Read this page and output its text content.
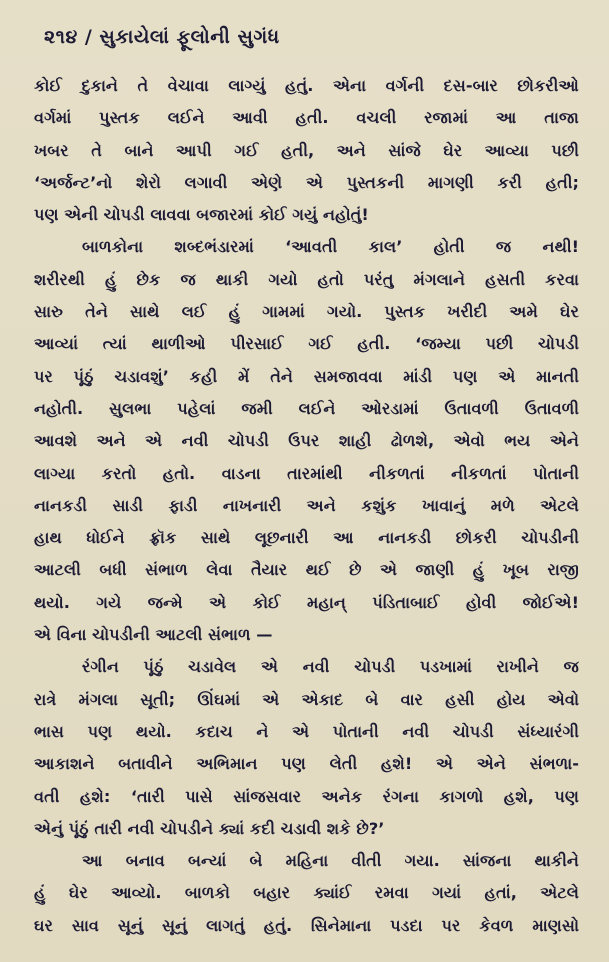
૨૧૪ / સુકાયેલાં ફૂલોની સુગંધ
કોઈ દુકાને તે વેચાવા લાગ્યું હતું. એના વર્ગની દસ-બાર છોકરીઓ
વર્ગમાં પુસ્તક લઈને આવી હતી. વચલી રજામાં આ તાજા
ખબર તે બાને આપી ગઈ હતી, અને સાંજે ઘેર આવ્યા પછી
‘અર્જન્ટ’નો શેરો લગાવી એણે એ પુસ્તકની માગણી કરી હતી;
પણ એની ચોપડી લાવવા બજારમાં કોઈ ગયું નહોતું!
બાળકોના શબ્દભંડારમાં ‘આવતી કાલ’ હોતી જ નથી!
શરીરથી હું છેક જ થાકી ગયો હતો પરંતુ મંગલાને હસતી કરવા
સારુ તેને સાથે લઈ હું ગામમાં ગયો. પુસ્તક ખરીદી અમે ઘેર
આવ્યાં ત્યાં થાળીઓ પીરસાઈ ગઈ હતી. ‘જમ્યા પછી ચોપડી
પર પૂંઠું ચડાવશું’ કહી મેં તેને સમજાવવા માંડી પણ એ માનતી
નહોતી. સુલભા પહેલાં જમી લઈને ઓરડામાં ઉતાવળી ઉતાવળી
આવશે અને એ નવી ચોપડી ઉપર શાહી ઢોળશે, એવો ભય એને
લાગ્યા કરતો હતો. વાડના તારમાંથી નીકળતાં નીકળતાં પોતાની
નાનકડી સાડી ફાડી નાખનારી અને કશુંક ખાવાનું મળે એટલે
હાથ ધોઈને ફ્રૉક સાથે લૂછનારી આ નાનકડી છોકરી ચોપડીની
આટલી બધી સંભાળ લેવા તૈયાર થઈ છે એ જાણી હું ખૂબ રાજી
થયો. ગયે જન્મે એ કોઈ મહાન્ પંડિતાબાઈ હોવી જોઈએ!
એ વિના ચોપડીની આટલી સંભાળ —
રંગીન પૂંઠું ચડાવેલ એ નવી ચોપડી પડખામાં રાખીને જ
રાત્રે મંગલા સૂતી; ઊંઘમાં એ એકાદ બે વાર હસી હોય એવો
ભાસ પણ થયો. કદાચ ને એ પોતાની નવી ચોપડી સંધ્યારંગી
આકાશને બતાવીને અભિમાન પણ લેતી હશે! એ એને સંભળા-
વતી હશે: ‘તારી પાસે સાંજસવાર અનેક રંગના કાગળો હશે, પણ
એનું પૂંઠું તારી નવી ચોપડીને ક્યાં કદી ચડાવી શકે છે?’
આ બનાવ બન્યાં બે મહિના વીતી ગયા. સાંજના થાકીને
હું ઘેર આવ્યો. બાળકો બહાર ક્યાંઈ રમવા ગયાં હતાં, એટલે
ઘર સાવ સૂનું સૂનું લાગતું હતું. સિનેમાના પડદા પર કેવળ માણસો
